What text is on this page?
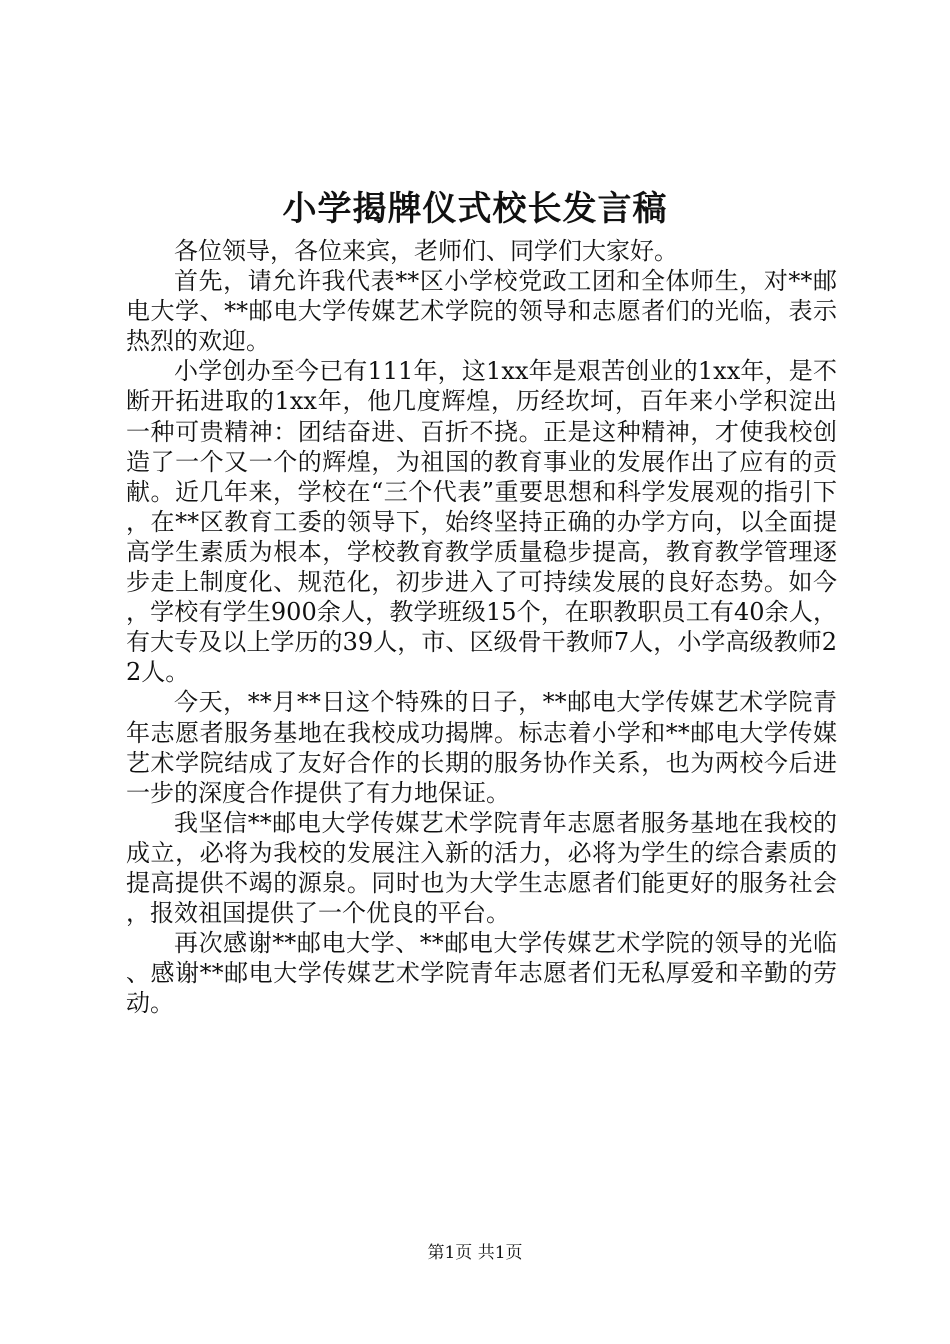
小学揭牌仪式校长发言稿

各位领导，各位来宾，老师们、同学们大家好。

首先，请允许我代表**区小学校党政工团和全体师生，对**邮电大学、**邮电大学传媒艺术学院的领导和志愿者们的光临，表示热烈的欢迎。

小学创办至今已有111年，这1xx年是艰苦创业的1xx年，是不断开拓进取的1xx年，他几度辉煌，历经坎坷，百年来小学积淀出一种可贵精神：团结奋进、百折不挠。正是这种精神，才使我校创造了一个又一个的辉煌，为祖国的教育事业的发展作出了应有的贡献。近几年来，学校在“三个代表”重要思想和科学发展观的指引下，在**区教育工委的领导下，始终坚持正确的办学方向，以全面提高学生素质为根本，学校教育教学质量稳步提高，教育教学管理逐步走上制度化、规范化，初步进入了可持续发展的良好态势。如今，学校有学生900余人，教学班级15个，在职教职员工有40余人，有大专及以上学历的39人，市、区级骨干教师7人，小学高级教师22人。

今天，**月**日这个特殊的日子，**邮电大学传媒艺术学院青年志愿者服务基地在我校成功揭牌。标志着小学和**邮电大学传媒艺术学院结成了友好合作的长期的服务协作关系，也为两校今后进一步的深度合作提供了有力地保证。

我坚信**邮电大学传媒艺术学院青年志愿者服务基地在我校的成立，必将为我校的发展注入新的活力，必将为学生的综合素质的提高提供不竭的源泉。同时也为大学生志愿者们能更好的服务社会，报效祖国提供了一个优良的平台。

再次感谢**邮电大学、**邮电大学传媒艺术学院的领导的光临、感谢**邮电大学传媒艺术学院青年志愿者们无私厚爱和辛勤的劳动。

第1页 共1页
